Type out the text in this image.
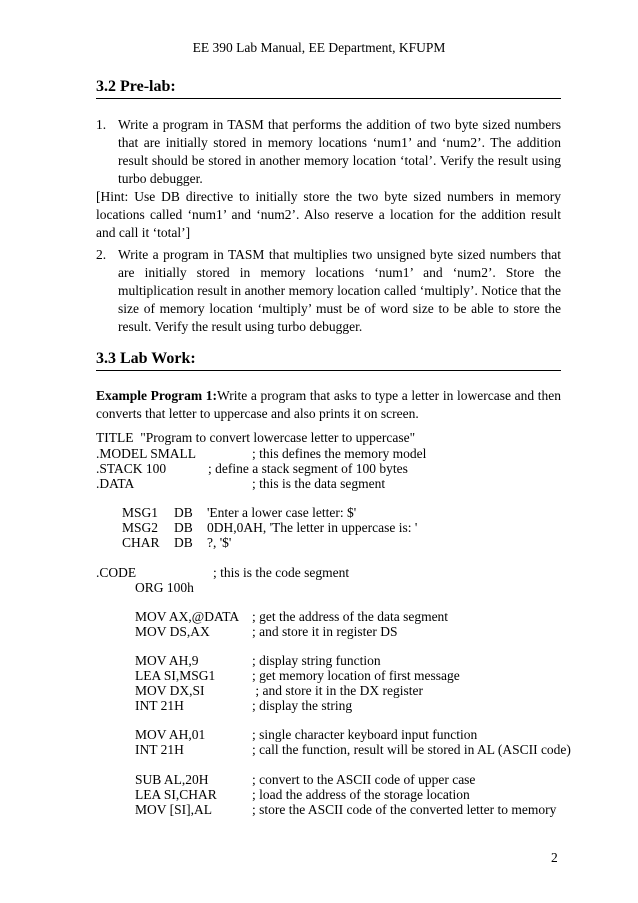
EE 390 Lab Manual, EE Department, KFUPM
3.2 Pre-lab:
1. Write a program in TASM that performs the addition of two byte sized numbers that are initially stored in memory locations ‘num1’ and ‘num2’. The addition result should be stored in another memory location ‘total’. Verify the result using turbo debugger.
[Hint: Use DB directive to initially store the two byte sized numbers in memory locations called ‘num1’ and ‘num2’. Also reserve a location for the addition result and call it ‘total’]
2. Write a program in TASM that multiplies two unsigned byte sized numbers that are initially stored in memory locations ‘num1’ and ‘num2’. Store the multiplication result in another memory location called ‘multiply’. Notice that the size of memory location ‘multiply’ must be of word size to be able to store the result. Verify the result using turbo debugger.
3.3 Lab Work:
Example Program 1:Write a program that asks to type a letter in lowercase and then converts that letter to uppercase and also prints it on screen.
TITLE  "Program to convert lowercase letter to uppercase"
.MODEL SMALL	; this defines the memory model
.STACK 100	; define a stack segment of 100 bytes
.DATA	; this is the data segment
MSG1 DB 'Enter a lower case letter: $'
MSG2 DB 0DH,0AH, 'The letter in uppercase is: '
CHAR DB ?, '$'
.CODE	; this is the code segment
ORG 100h
MOV AX,@DATA ; get the address of the data segment
MOV DS,AX	; and store it in register DS
MOV AH,9	; display string function
LEA SI,MSG1	; get memory location of first message
MOV DX,SI	; and store it in the DX register
INT 21H	; display the string
MOV AH,01	; single character keyboard input function
INT 21H	; call the function, result will be stored in AL (ASCII code)
SUB AL,20H	; convert to the ASCII code of upper case
LEA SI,CHAR	; load the address of the storage location
MOV [SI],AL	; store the ASCII code of the converted letter to memory
2
